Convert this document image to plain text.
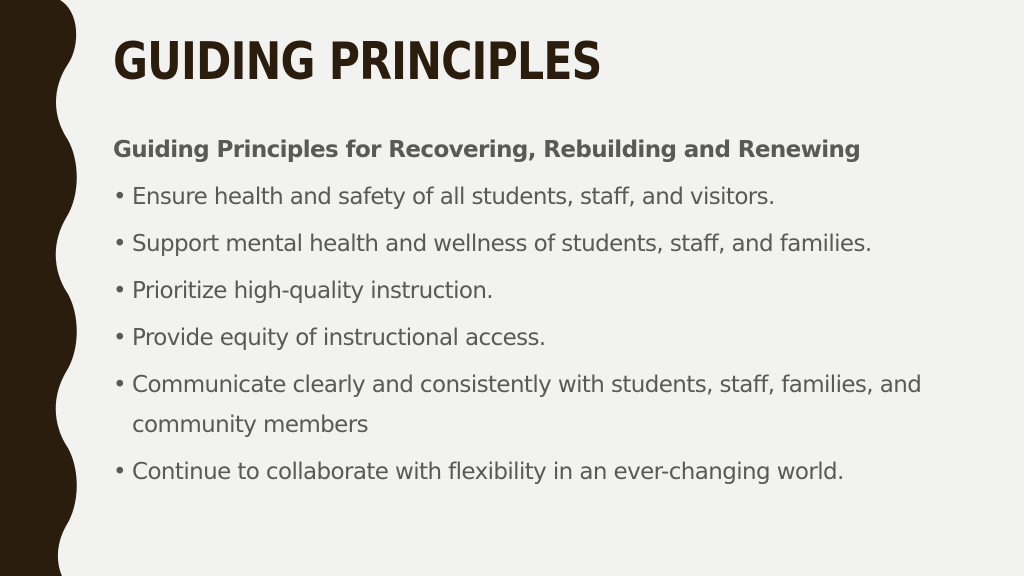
GUIDING PRINCIPLES
Guiding Principles for Recovering, Rebuilding and Renewing
• Ensure health and safety of all students, staff, and visitors.
• Support mental health and wellness of students, staff, and families.
• Prioritize high-quality instruction.
• Provide equity of instructional access.
• Communicate clearly and consistently with students, staff, families, and community members
• Continue to collaborate with flexibility in an ever-changing world.
